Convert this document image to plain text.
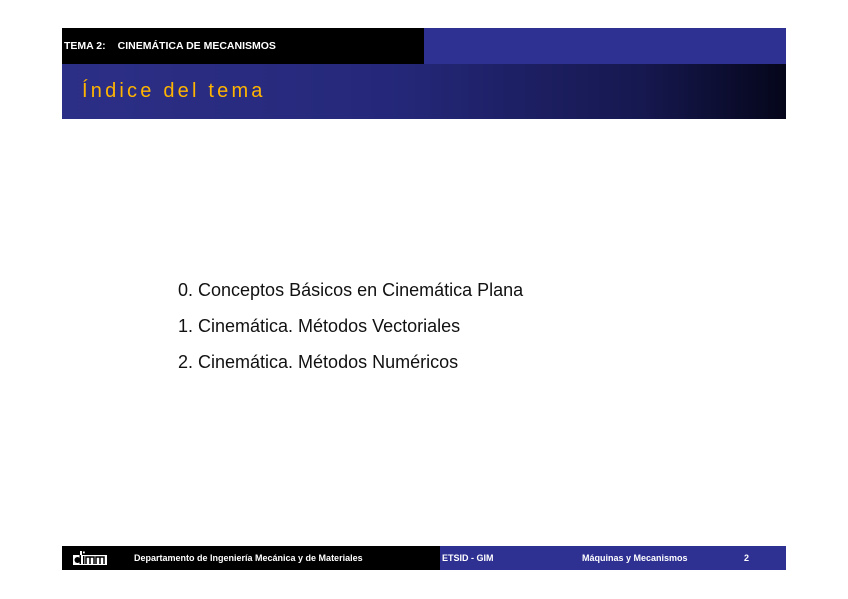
TEMA 2: CINEMÁTICA DE MECANISMOS
Índice del tema
0. Conceptos Básicos en Cinemática Plana
1. Cinemática. Métodos Vectoriales
2. Cinemática. Métodos Numéricos
Departamento de Ingeniería Mecánica y de Materiales	ETSID - GIM	Máquinas y Mecanismos	2
